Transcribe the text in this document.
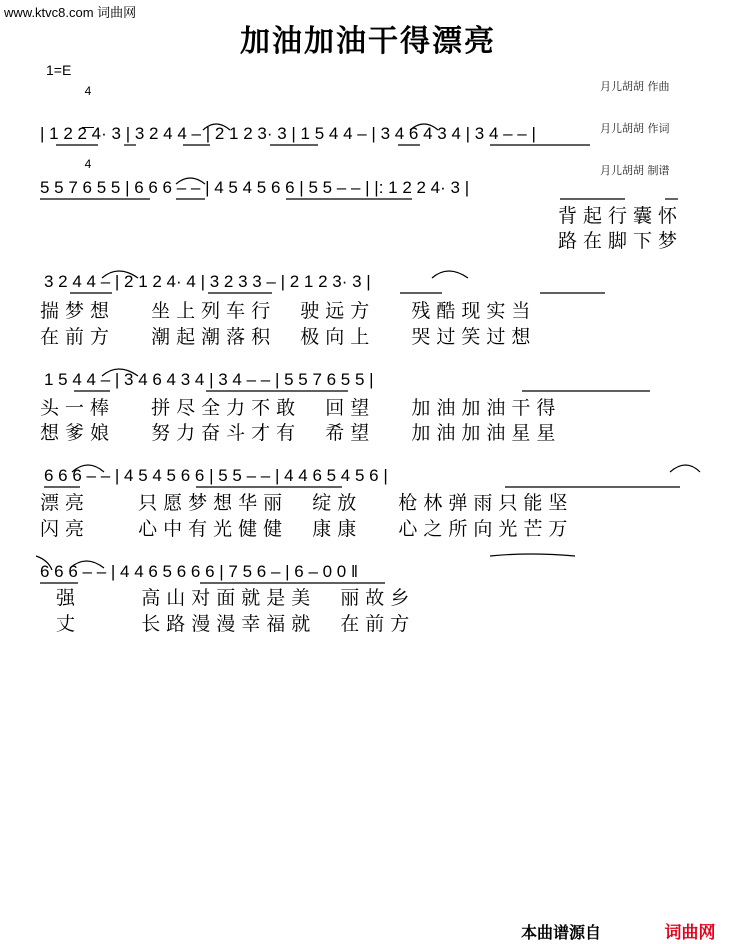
www.ktvc8.com 词曲网
加油加油干得漂亮
1=E

4

4

月儿胡胡 作曲

月儿胡胡 作词

月儿胡胡 制谱

| 1 2 2 4· 3 | 3 2 4 4 – | 2 1 2 3· 3 | 1 5 4 4 – | 3 4 6 4 3 4 | 3 4 – – |
5 5 7 6 5 5 | 6 6 6 – – | 4 5 4 5 6 6 | 5 5 – – | |: 1 2 2 4· 3 |
背起行囊怀
路在脚下梦
3 2 4 4 – | 2 1 2 4· 4 | 3 2 3 3 – | 2 1 2 3· 3 |
揣梦想   坐上列车行  驶远方   残酷现实当
在前方   潮起潮落积  极向上   哭过笑过想
1 5 4 4 – | 3 4 6 4 3 4 | 3 4 – – | 5 5 7 6 5 5 |
头一棒   拼尽全力不敢  回望   加油加油干得
想爹娘   努力奋斗才有  希望   加油加油星星
6 6 6 – – | 4 5 4 5 6 6 | 5 5 – – | 4 4 6 5 4 5 6 |
漂亮    只愿梦想华丽  绽放   枪林弹雨只能坚
闪亮    心中有光健健  康康   心之所向光芒万
6 6 6 – – | 4 4 6 5 6 6 6 | 7 5 6 – | 6 – 0 0 ‖
强     高山对面就是美  丽故乡
丈     长路漫漫幸福就  在前方
本曲谱源自	词曲网
